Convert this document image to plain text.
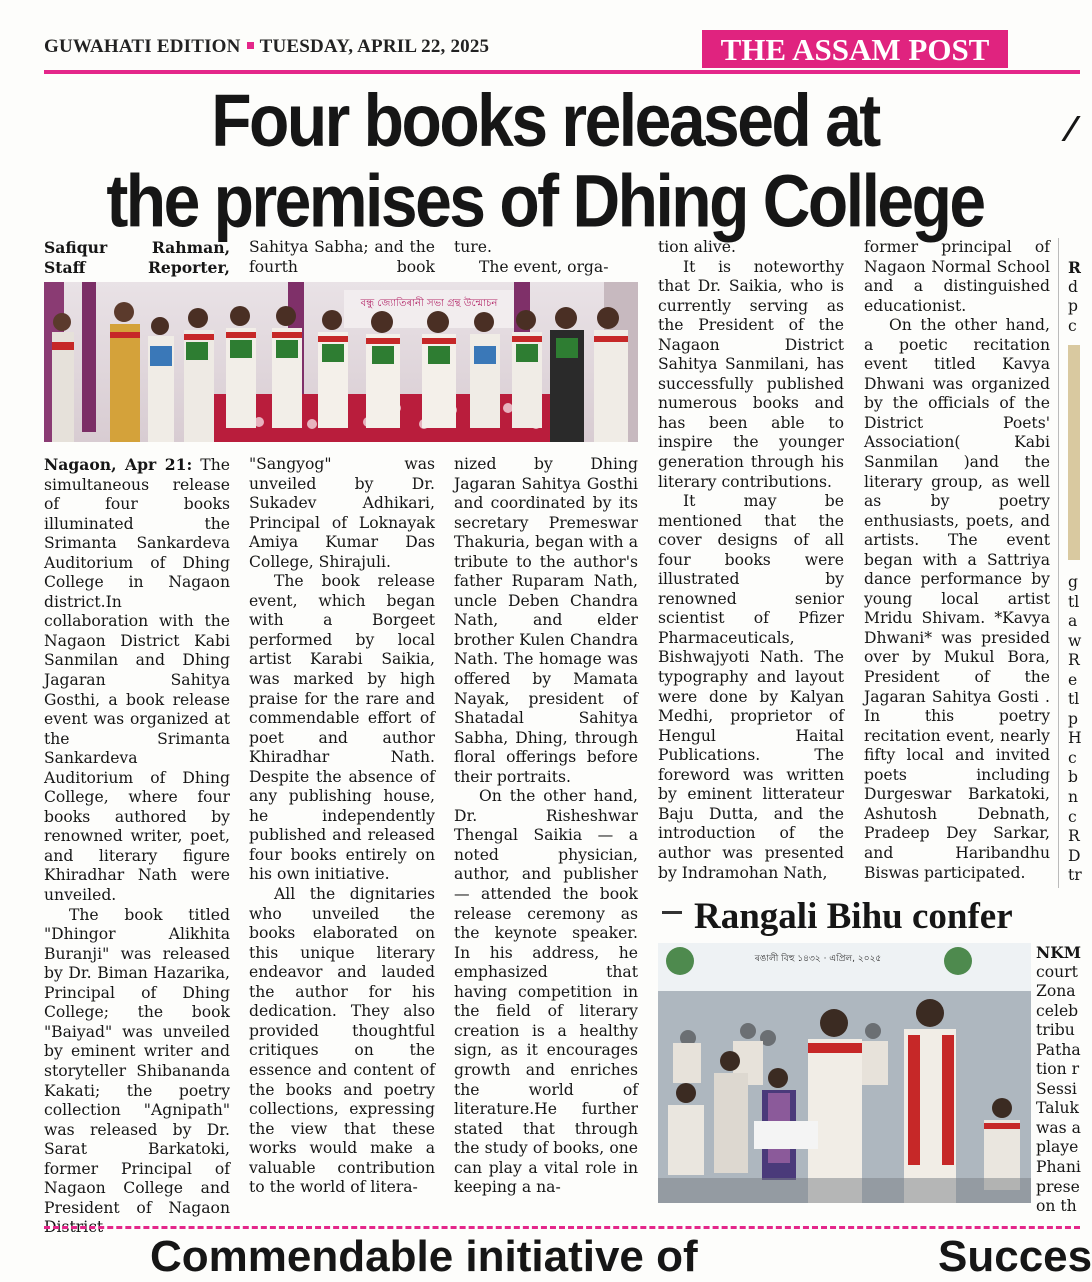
GUWAHATI EDITION TUESDAY, APRIL 22, 2025	THE ASSAM POST
Four books released at
the premises of Dhing College
⁄
Safiqur Rahman,
Staff Reporter,
Sahitya Sabha; and the fourth book

ture.

The event, orga-

বন্ধু জ্যোতিৰানী সভা গ্ৰন্থ উন্মোচন

Nagaon, Apr 21: The simultaneous release of four books illuminated the Srimanta Sankardeva Auditorium of Dhing College in Nagaon district.In collaboration with the Nagaon District Kabi Sanmilan and Dhing Jagaran Sahitya Gosthi, a book release event was organized at the Srimanta Sankardeva Auditorium of Dhing College, where four books authored by renowned writer, poet, and literary figure Khiradhar Nath were unveiled.

The book titled "Dhingor Alikhita Buranji" was released by Dr. Biman Hazarika, Principal of Dhing College; the book "Baiyad" was unveiled by eminent writer and storyteller Shibananda Kakati; the poetry collection "Agnipath" was released by Dr. Sarat Barkatoki, former Principal of Nagaon College and President of Nagaon District

"Sangyog" was unveiled by Dr. Sukadev Adhikari, Principal of Loknayak Amiya Kumar Das College, Shirajuli.

The book release event, which began with a Borgeet performed by local artist Karabi Saikia, was marked by high praise for the rare and commendable effort of poet and author Khiradhar Nath. Despite the absence of any publishing house, he independently published and released four books entirely on his own initiative.

All the dignitaries who unveiled the books elaborated on this unique literary endeavor and lauded the author for his dedication. They also provided thoughtful critiques on the essence and content of the books and poetry collections, expressing the view that these works would make a valuable contribution to the world of litera-

nized by Dhing Jagaran Sahitya Gosthi and coordinated by its secretary Premeswar Thakuria, began with a tribute to the author's father Ruparam Nath, uncle Deben Chandra Nath, and elder brother Kulen Chandra Nath. The homage was offered by Mamata Nayak, president of Shatadal Sahitya Sabha, Dhing, through floral offerings before their portraits.

On the other hand, Dr. Risheshwar Thengal Saikia — a noted physician, author, and publisher — attended the book release ceremony as the keynote speaker. In his address, he emphasized that having competition in the field of literary creation is a healthy sign, as it encourages growth and enriches the world of literature.He further stated that through the study of books, one can play a vital role in keeping a na-

tion alive.

It is noteworthy that Dr. Saikia, who is currently serving as the President of the Nagaon District Sahitya Sanmilani, has successfully published numerous books and has been able to inspire the younger generation through his literary contributions.

It may be mentioned that the cover designs of all four books were illustrated by renowned senior scientist of Pfizer Pharmaceuticals, Bishwajyoti Nath. The typography and layout were done by Kalyan Medhi, proprietor of Hengul Haital Publications. The foreword was written by eminent litterateur Baju Dutta, and the introduction of the author was presented by Indramohan Nath,

former principal of Nagaon Normal School and a distinguished educationist.

On the other hand, a poetic recitation event titled Kavya Dhwani was organized by the officials of the District Poets' Association( Kabi Sanmilan )and the literary group, as well as by poetry enthusiasts, poets, and artists. The event began with a Sattriya dance performance by young local artist Mridu Shivam. *Kavya Dhwani* was presided over by Mukul Bora, President of the Jagaran Sahitya Gosti . In this poetry recitation event, nearly fifty local and invited poets including Durgeswar Barkatoki, Ashutosh Debnath, Pradeep Dey Sarkar, and Haribandhu Biswas participated.

R
d
p
c
g
tl
a
w
R
e
tl
p
H
c
b
n
c
R
D
tr
Rangali Bihu confer
ৰঙালী বিহু ১৪৩২ · এপ্ৰিল, ২০২৫	NKM
court
Zona
celeb
tribu
Patha
tion r
Sessi
Taluk
was a
playe
Phani
prese
on th
Commendable initiative of	Succes
